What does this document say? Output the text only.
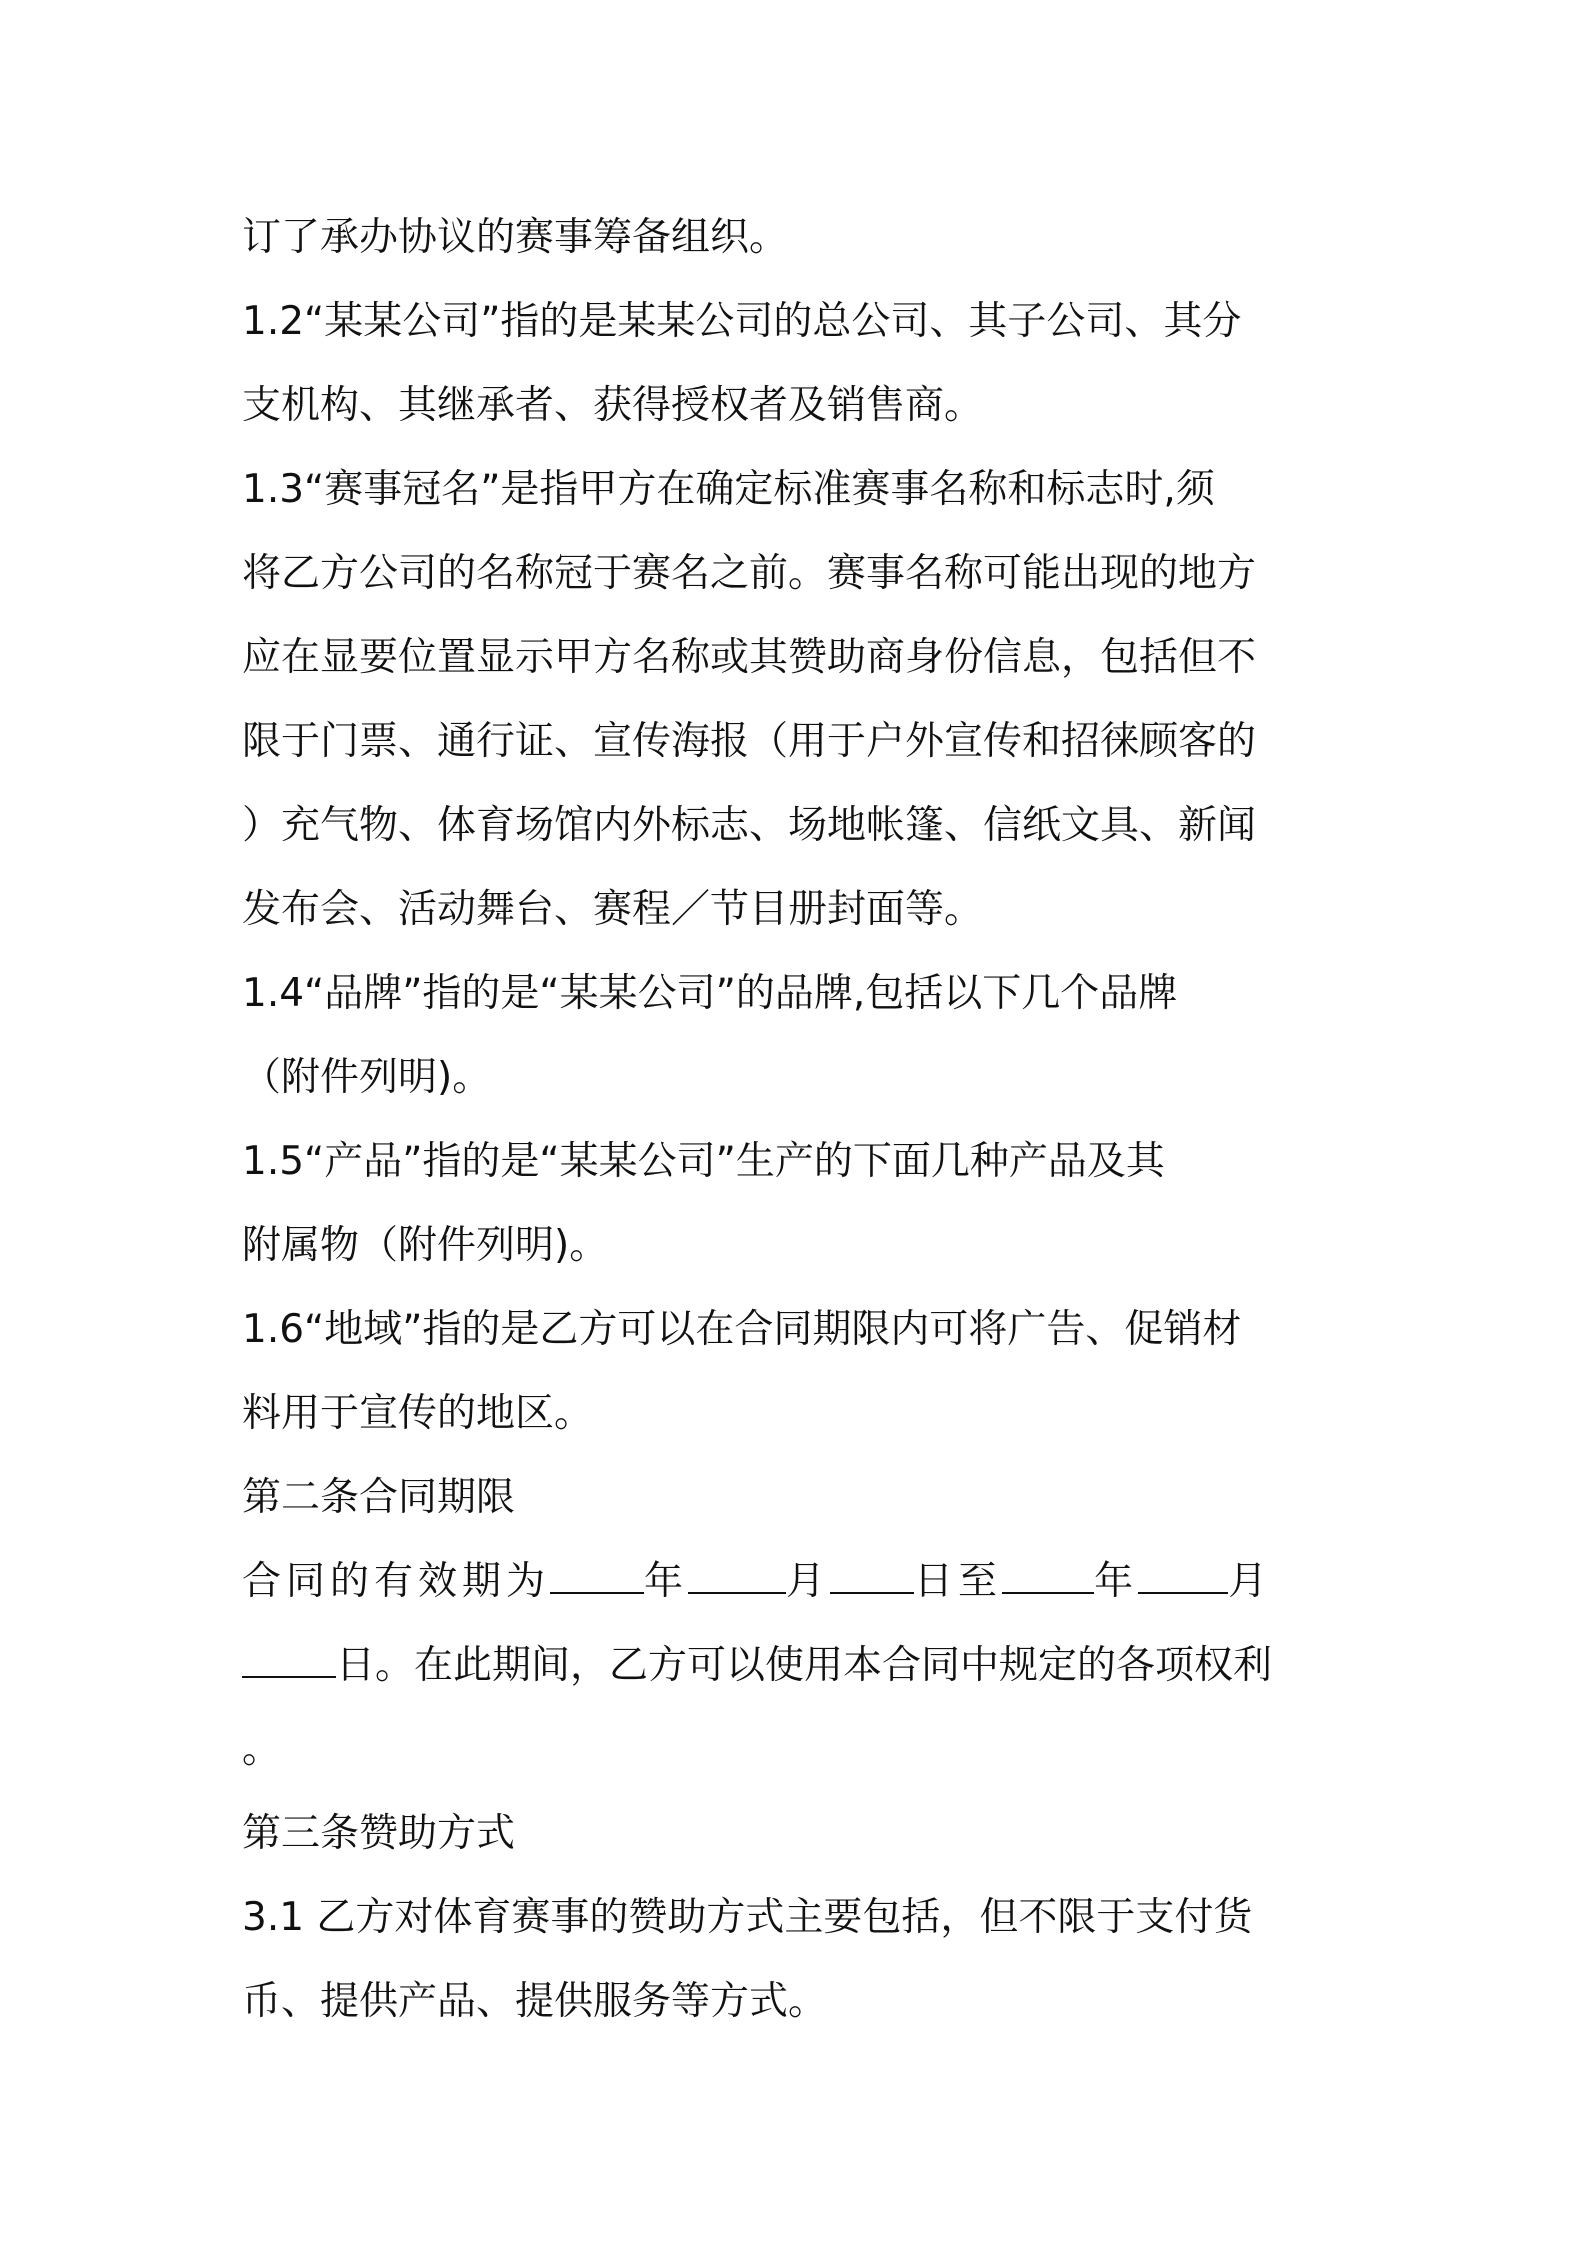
订了承办协议的赛事筹备组织。
1.2“某某公司”指的是某某公司的总公司、其子公司、其分
支机构、其继承者、获得授权者及销售商。
1.3“赛事冠名”是指甲方在确定标准赛事名称和标志时,须
将乙方公司的名称冠于赛名之前。赛事名称可能出现的地方
应在显要位置显示甲方名称或其赞助商身份信息，包括但不
限于门票、通行证、宣传海报（用于户外宣传和招徕顾客的
）充气物、体育场馆内外标志、场地帐篷、信纸文具、新闻
发布会、活动舞台、赛程／节目册封面等。
1.4“品牌”指的是“某某公司”的品牌,包括以下几个品牌
（附件列明)。
1.5“产品”指的是“某某公司”生产的下面几种产品及其
附属物（附件列明)。
1.6“地域”指的是乙方可以在合同期限内可将广告、促销材
料用于宣传的地区。
第二条合同期限
合同的有效期为 年	月 日至 年 月
日。在此期间，乙方可以使用本合同中规定的各项权利
。
第三条赞助方式
3.1 乙方对体育赛事的赞助方式主要包括，但不限于支付货
币、提供产品、提供服务等方式。
